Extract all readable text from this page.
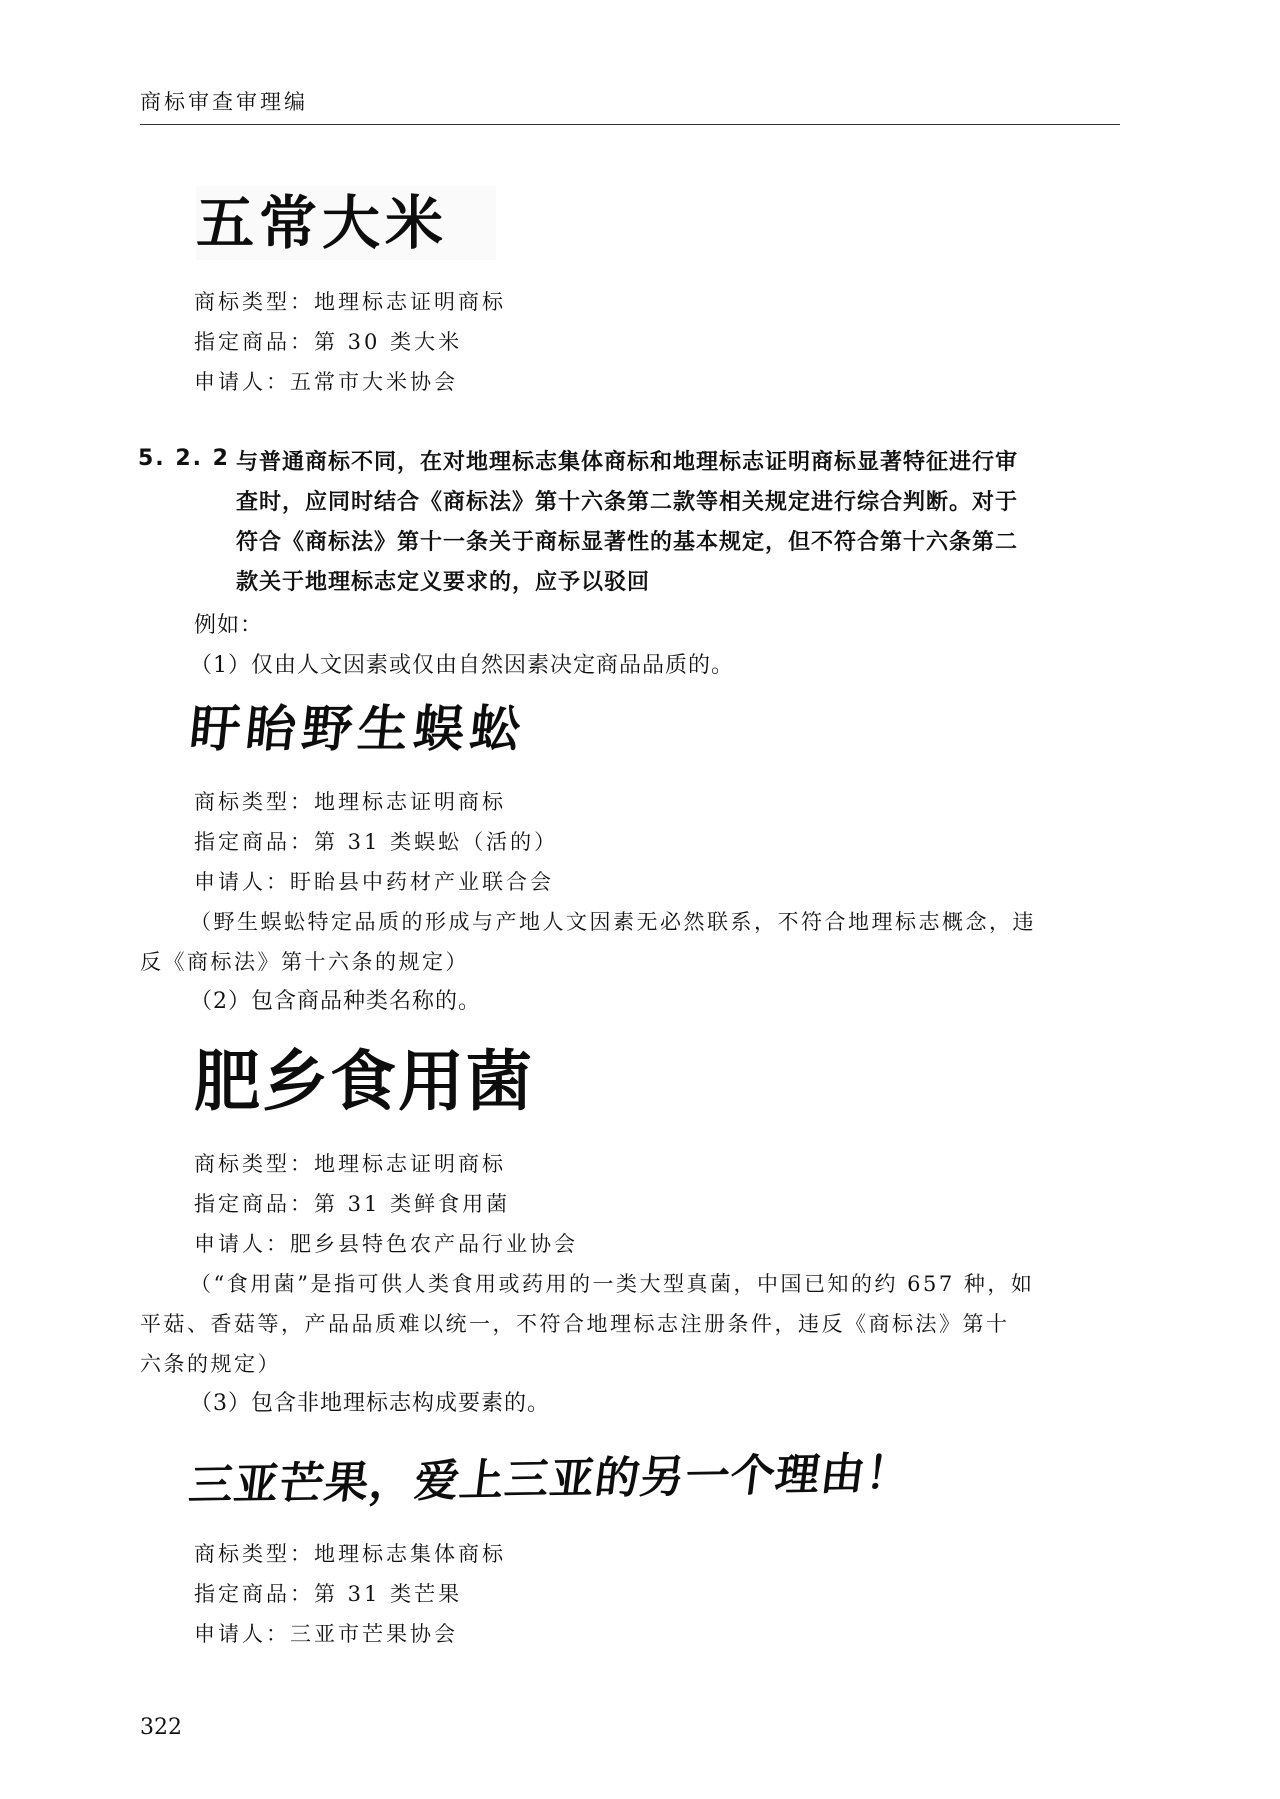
商标审查审理编
五常大米
商标类型：地理标志证明商标
指定商品：第 30 类大米
申请人：五常市大米协会
5. 2. 2 与普通商标不同，在对地理标志集体商标和地理标志证明商标显著特征进行审
查时，应同时结合《商标法》第十六条第二款等相关规定进行综合判断。对于
符合《商标法》第十一条关于商标显著性的基本规定，但不符合第十六条第二
款关于地理标志定义要求的，应予以驳回
例如：
（1）仅由人文因素或仅由自然因素决定商品品质的。
盱眙野生蜈蚣
商标类型：地理标志证明商标
指定商品：第 31 类蜈蚣（活的）
申请人：盱眙县中药材产业联合会
（野生蜈蚣特定品质的形成与产地人文因素无必然联系，不符合地理标志概念，违
反《商标法》第十六条的规定）
（2）包含商品种类名称的。
肥乡食用菌
商标类型：地理标志证明商标
指定商品：第 31 类鲜食用菌
申请人：肥乡县特色农产品行业协会
（“食用菌”是指可供人类食用或药用的一类大型真菌，中国已知的约 657 种，如
平菇、香菇等，产品品质难以统一，不符合地理标志注册条件，违反《商标法》第十
六条的规定）
（3）包含非地理标志构成要素的。
三亚芒果，爱上三亚的另一个理由！
商标类型：地理标志集体商标
指定商品：第 31 类芒果
申请人：三亚市芒果协会
322
